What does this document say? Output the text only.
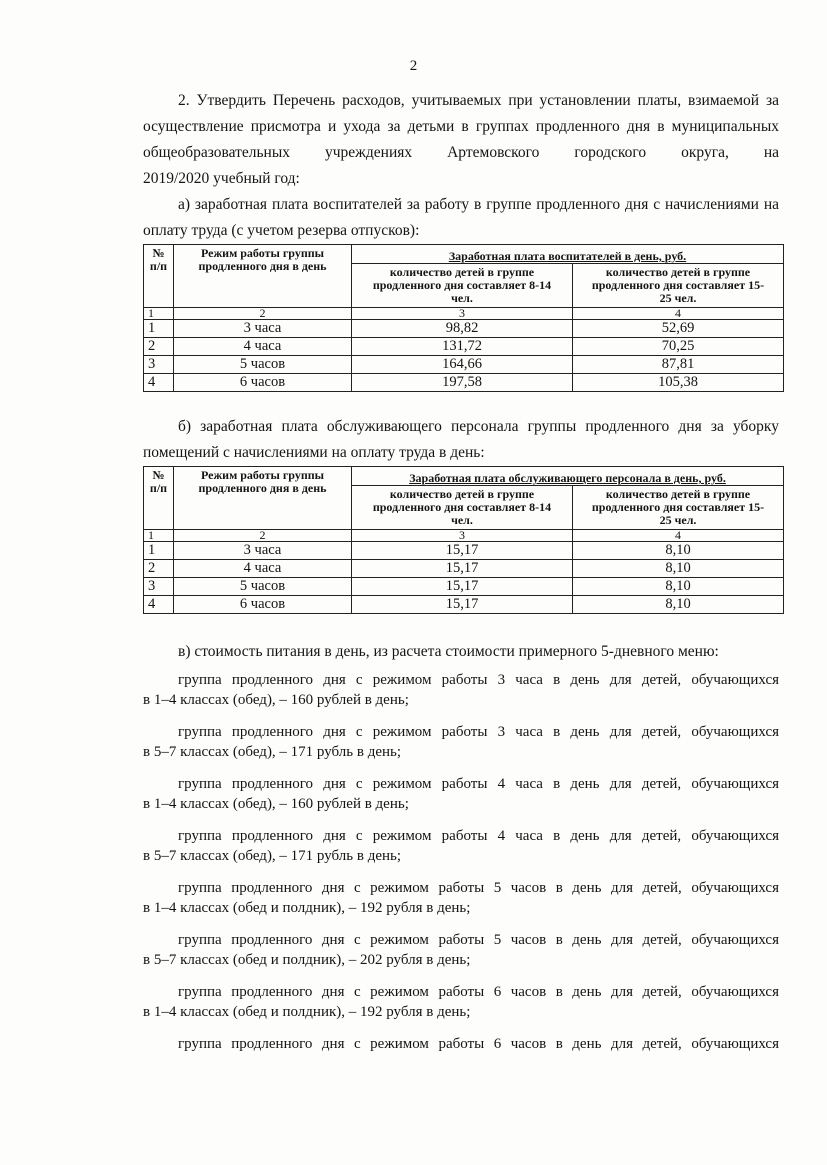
2

2. Утвердить Перечень расходов, учитываемых при установлении платы, взимаемой за

осуществление присмотра и ухода за детьми в группах продленного дня в муниципальных

общеобразовательных учреждениях Артемовского городского округа, на

2019/2020 учебный год:

а) заработная плата воспитателей за работу в группе продленного дня с начислениями на оплату труда (с учетом резерва отпусков):

№ п/п	Режим работы группы продленного дня в день	Заработная плата воспитателей в день, руб.	
		количество детей в группе продленного дня составляет 8-14 чел.	количество детей в группе продленного дня составляет 15-25 чел.
1	2	3	4
1	3 часа	98,82	52,69
2	4 часа	131,72	70,25
3	5 часов	164,66	87,81
4	6 часов	197,58	105,38

б) заработная плата обслуживающего персонала группы продленного дня за уборку помещений с начислениями на оплату труда в день:

№ п/п	Режим работы группы продленного дня в день	Заработная плата обслуживающего персонала в день, руб.	
		количество детей в группе продленного дня составляет 8-14 чел.	количество детей в группе продленного дня составляет 15-25 чел.
1	2	3	4
1	3 часа	15,17	8,10
2	4 часа	15,17	8,10
3	5 часов	15,17	8,10
4	6 часов	15,17	8,10

в) стоимость питания в день, из расчета стоимости примерного 5-дневного меню:

группа продленного дня с режимом работы 3 часа в день для детей, обучающихся

в 1–4 классах (обед), – 160 рублей в день;

группа продленного дня с режимом работы 3 часа в день для детей, обучающихся

в 5–7 классах (обед), – 171 рубль в день;

группа продленного дня с режимом работы 4 часа в день для детей, обучающихся

в 1–4 классах (обед), – 160 рублей в день;

группа продленного дня с режимом работы 4 часа в день для детей, обучающихся

в 5–7 классах (обед), – 171 рубль в день;

группа продленного дня с режимом работы 5 часов в день для детей, обучающихся

в 1–4 классах (обед и полдник), – 192 рубля в день;

группа продленного дня с режимом работы 5 часов в день для детей, обучающихся

в 5–7 классах (обед и полдник), – 202 рубля в день;

группа продленного дня с режимом работы 6 часов в день для детей, обучающихся

в 1–4 классах (обед и полдник), – 192 рубля в день;

группа продленного дня с режимом работы 6 часов в день для детей, обучающихся
